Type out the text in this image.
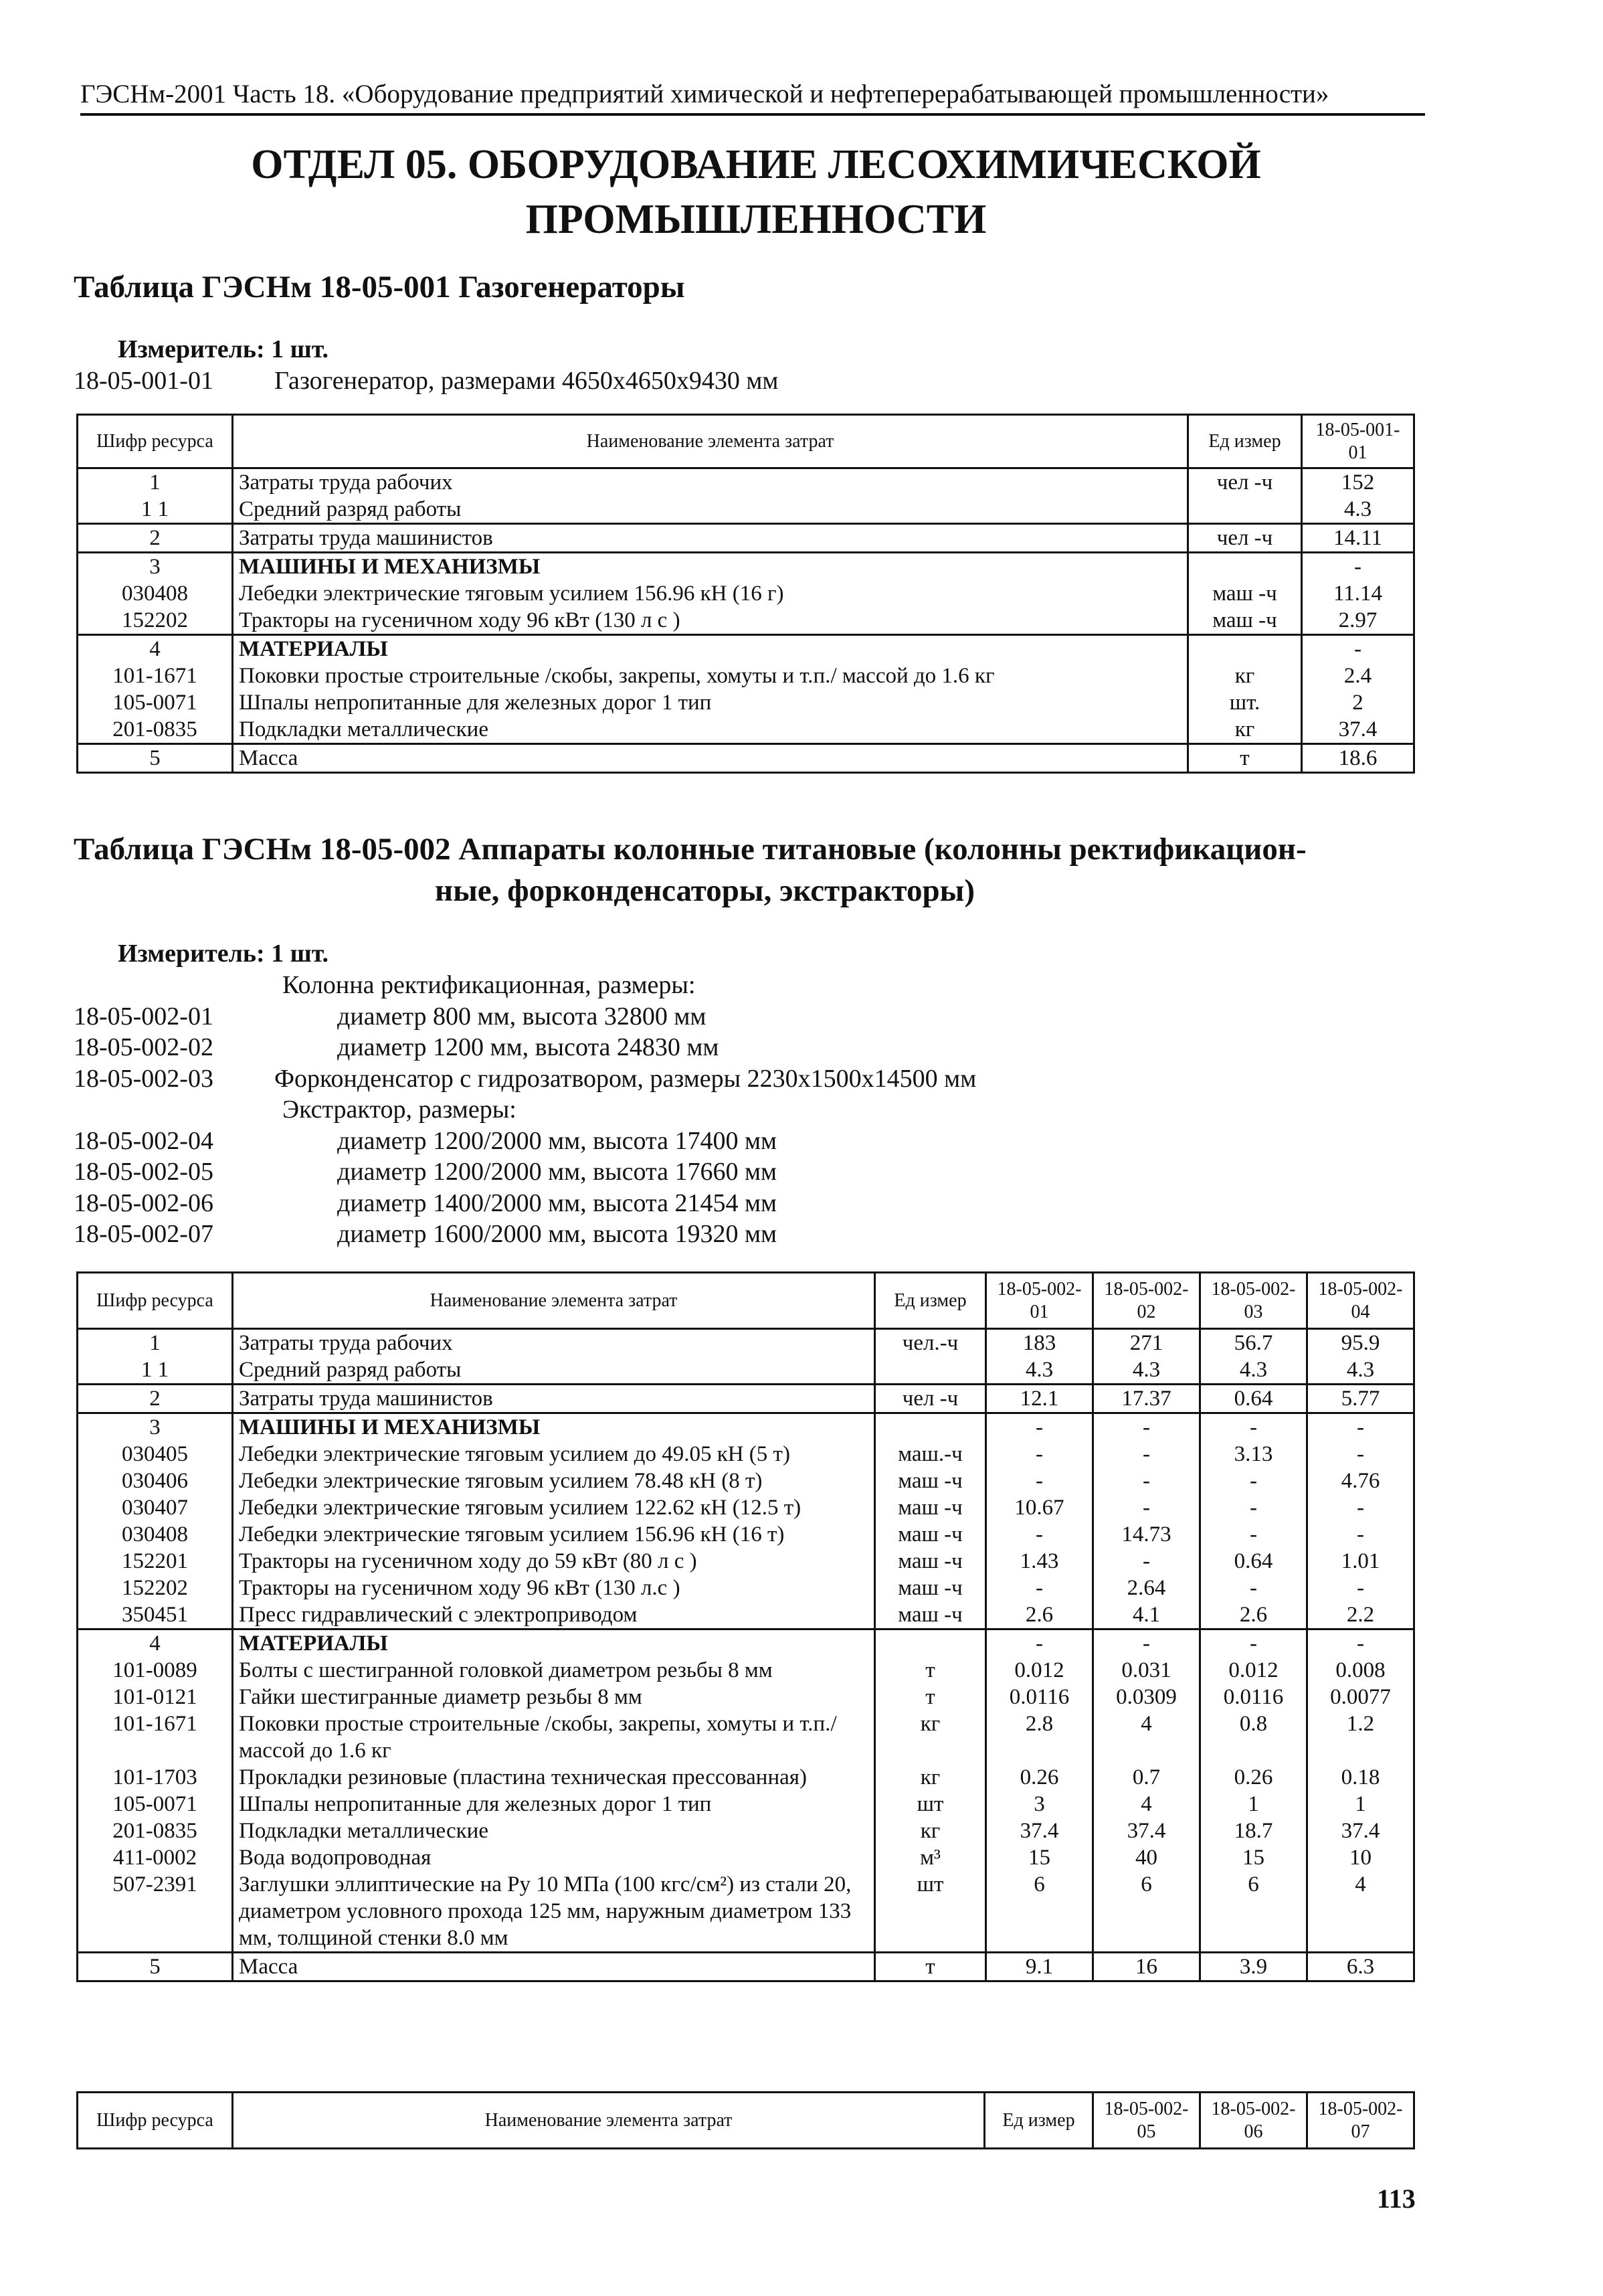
ГЭСНм-2001 Часть 18. «Оборудование предприятий химической и нефтеперерабатывающей промышленности»
ОТДЕЛ 05. ОБОРУДОВАНИЕ ЛЕСОХИМИЧЕСКОЙ
ПРОМЫШЛЕННОСТИ
Таблица ГЭСНм 18-05-001 Газогенераторы
Измеритель: 1 шт.
18-05-001-01 Газогенератор, размерами 4650x4650x9430 мм
Шифр ресурса	Наименование элемента затрат	Ед измер	18-05-001-01
1	Затраты труда рабочих	чел -ч	152
1 1	Средний разряд работы		4.3
2	Затраты труда машинистов	чел -ч	14.11
3	МАШИНЫ И МЕХАНИЗМЫ		-
030408	Лебедки электрические тяговым усилием 156.96 кН (16 г)	маш -ч	11.14
152202	Тракторы на гусеничном ходу 96 кВт (130 л с )	маш -ч	2.97
4	МАТЕРИАЛЫ		-
101-1671	Поковки простые строительные /скобы, закрепы, хомуты и т.п./ массой до 1.6 кг	кг	2.4
105-0071	Шпалы непропитанные для железных дорог 1 тип	шт.	2
201-0835	Подкладки металлические	кг	37.4
5	Масса	т	18.6
Таблица ГЭСНм 18-05-002 Аппараты колонные титановые (колонны ректификацион-
ные, форконденсаторы, экстракторы)
Измеритель: 1 шт.
Колонна ректификационная, размеры:
18-05-002-01	диаметр 800 мм, высота 32800 мм
18-05-002-02	диаметр 1200 мм, высота 24830 мм
18-05-002-03 Форконденсатор с гидрозатвором, размеры 2230x1500x14500 мм
Экстрактор, размеры:
18-05-002-04	диаметр 1200/2000 мм, высота 17400 мм
18-05-002-05	диаметр 1200/2000 мм, высота 17660 мм
18-05-002-06	диаметр 1400/2000 мм, высота 21454 мм
18-05-002-07	диаметр 1600/2000 мм, высота 19320 мм
Шифр ресурса	Наименование элемента затрат	Ед измер	18-05-002-01	18-05-002-02	18-05-002-03	18-05-002-04
1	Затраты труда рабочих	чел.-ч	183	271	56.7	95.9
1 1	Средний разряд работы		4.3	4.3	4.3	4.3
2	Затраты труда машинистов	чел -ч	12.1	17.37	0.64	5.77
3	МАШИНЫ И МЕХАНИЗМЫ		-	-	-	-
030405	Лебедки электрические тяговым усилием до 49.05 кН (5 т)	маш.-ч	-	-	3.13	-
030406	Лебедки электрические тяговым усилием 78.48 кН (8 т)	маш -ч	-	-	-	4.76
030407	Лебедки электрические тяговым усилием 122.62 кН (12.5 т)	маш -ч	10.67	-	-	-
030408	Лебедки электрические тяговым усилием 156.96 кН (16 т)	маш -ч	-	14.73	-	-
152201	Тракторы на гусеничном ходу до 59 кВт (80 л с )	маш -ч	1.43	-	0.64	1.01
152202	Тракторы на гусеничном ходу 96 кВт (130 л.с )	маш -ч	-	2.64	-	-
350451	Пресс гидравлический с электроприводом	маш -ч	2.6	4.1	2.6	2.2
4	МАТЕРИАЛЫ		-	-	-	-
101-0089	Болты с шестигранной головкой диаметром резьбы 8 мм	т	0.012	0.031	0.012	0.008
101-0121	Гайки шестигранные диаметр резьбы 8 мм	т	0.0116	0.0309	0.0116	0.0077
101-1671	Поковки простые строительные /скобы, закрепы, хомуты и т.п./ массой до 1.6 кг	кг	2.8	4	0.8	1.2
101-1703	Прокладки резиновые (пластина техническая прессованная)	кг	0.26	0.7	0.26	0.18
105-0071	Шпалы непропитанные для железных дорог 1 тип	шт	3	4	1	1
201-0835	Подкладки металлические	кг	37.4	37.4	18.7	37.4
411-0002	Вода водопроводная	м³	15	40	15	10
507-2391	Заглушки эллиптические на Ру 10 МПа (100 кгс/см²) из стали 20, диаметром условного прохода 125 мм, наружным диаметром 133 мм, толщиной стенки 8.0 мм	шт	6	6	6	4
5	Масса	т	9.1	16	3.9	6.3
Шифр ресурса	Наименование элемента затрат	Ед измер	18-05-002-05	18-05-002-06	18-05-002-07
113
